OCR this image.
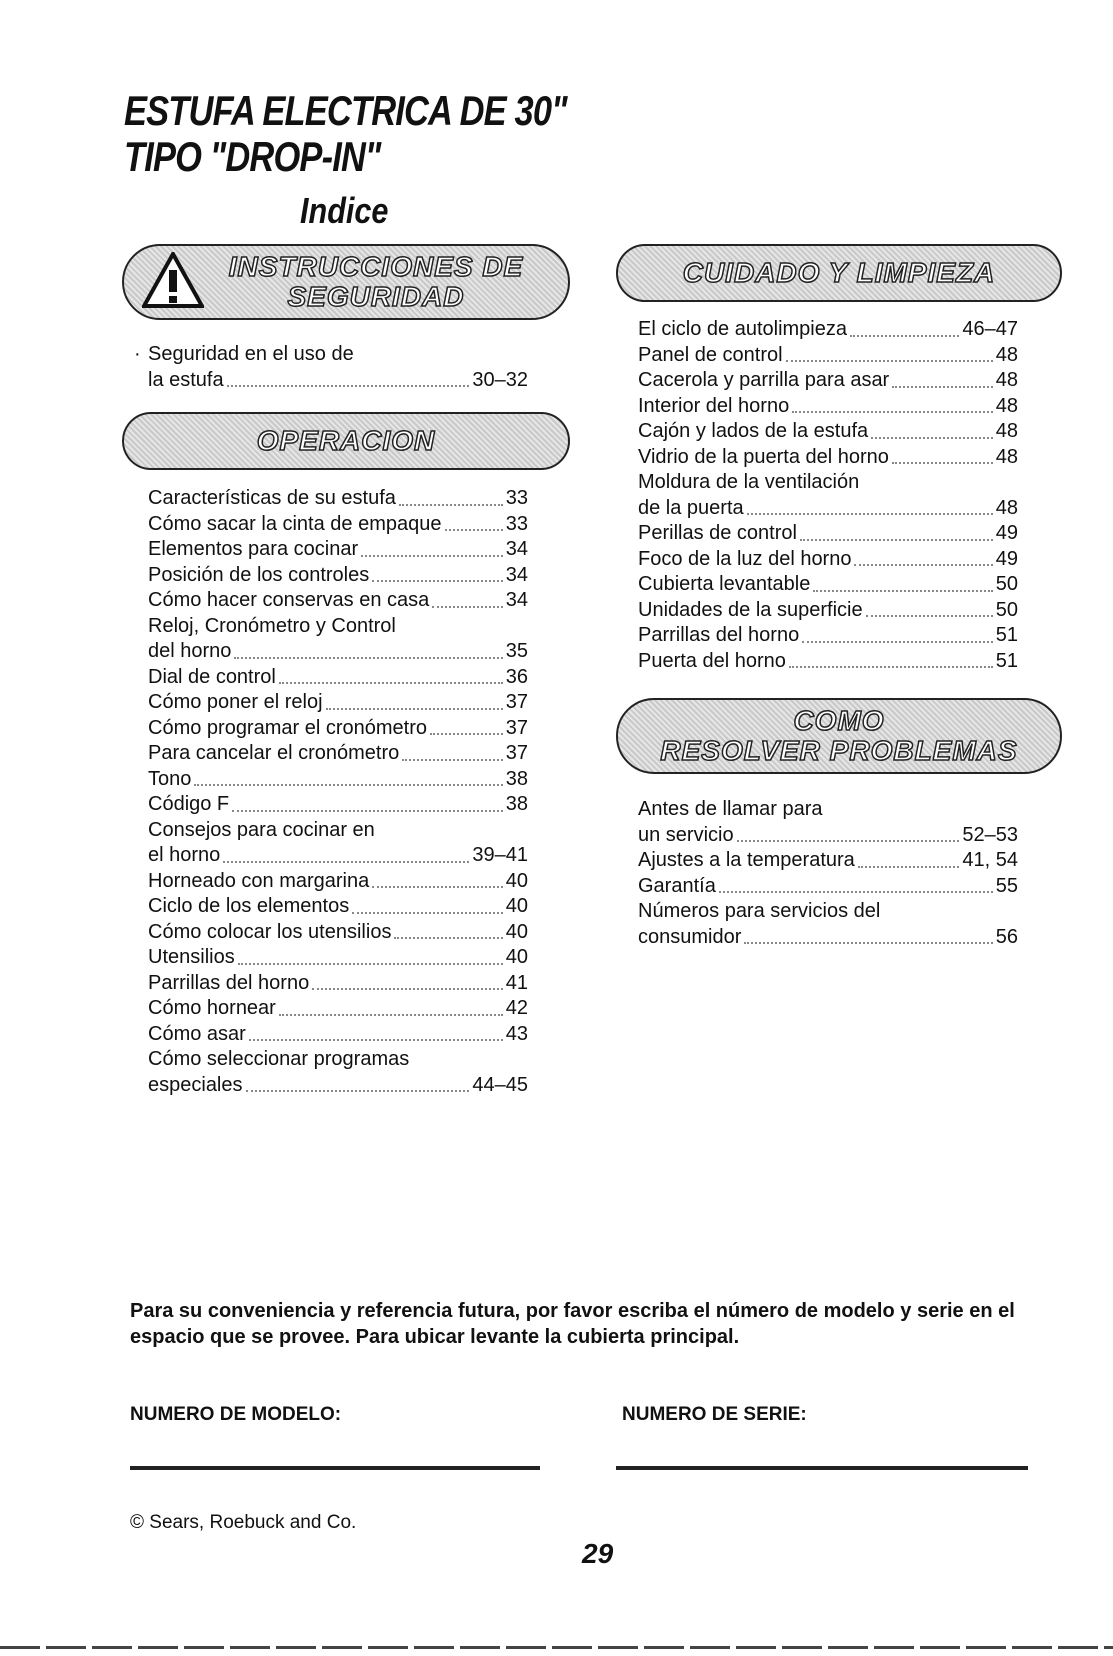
ESTUFA ELECTRICA DE 30"
TIPO "DROP-IN"
Indice
INSTRUCCIONES DE
SEGURIDAD
· Seguridad en el uso de
la estufa	30–32
OPERACION
Características de su estufa	33
Cómo sacar la cinta de empaque	33
Elementos para cocinar	34
Posición de los controles	34
Cómo hacer conservas en casa	34
Reloj, Cronómetro y Control
del horno	35
Dial de control	36
Cómo poner el reloj	37
Cómo programar el cronómetro	37
Para cancelar el cronómetro	37
Tono	38
Código F	38
Consejos para cocinar en
el horno	39–41
Horneado con margarina	40
Ciclo de los elementos	40
Cómo colocar los utensilios	40
Utensilios	40
Parrillas del horno	41
Cómo hornear	42
Cómo asar	43
Cómo seleccionar programas
especiales	44–45
CUIDADO Y LIMPIEZA
El ciclo de autolimpieza	46–47
Panel de control	48
Cacerola y parrilla para asar	48
Interior del horno	48
Cajón y lados de la estufa	48
Vidrio de la puerta del horno	48
Moldura de la ventilación
de la puerta	48
Perillas de control	49
Foco de la luz del horno	49
Cubierta levantable	50
Unidades de la superficie	50
Parrillas del horno	51
Puerta del horno	51
COMO
RESOLVER PROBLEMAS
Antes de llamar para
un servicio	52–53
Ajustes a la temperatura	41, 54
Garantía	55
Números para servicios del
consumidor	56

Para su conveniencia y referencia futura, por favor escriba el número de modelo y serie en el espacio que se provee. Para ubicar levante la cubierta principal.

NUMERO DE MODELO:	NUMERO DE SERIE:
© Sears, Roebuck and Co.
29
